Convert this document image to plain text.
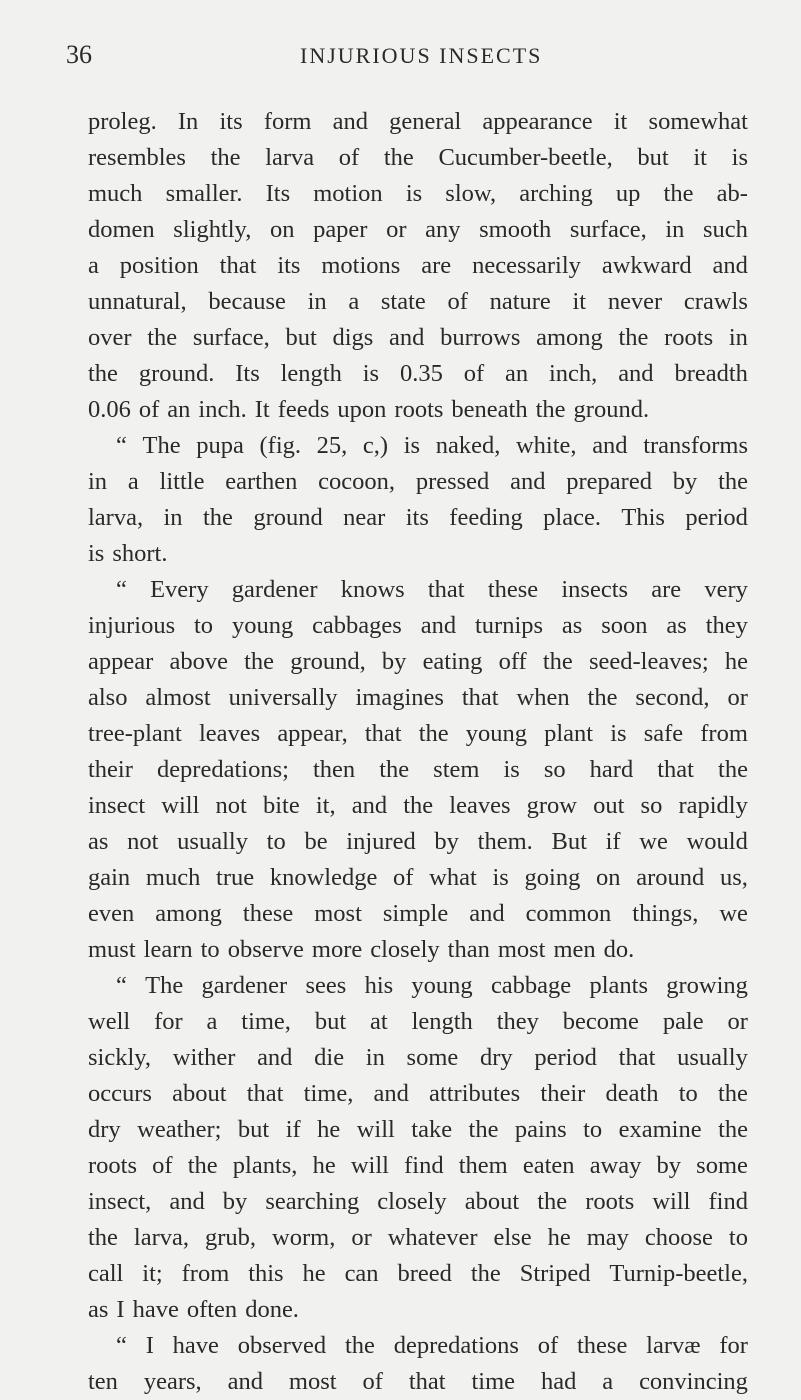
36	INJURIOUS INSECTS
proleg. In its form and general appearance it somewhat
resembles the larva of the Cucumber-beetle, but it is
much smaller. Its motion is slow, arching up the ab-
domen slightly, on paper or any smooth surface, in such
a position that its motions are necessarily awkward and
unnatural, because in a state of nature it never crawls
over the surface, but digs and burrows among the roots in
the ground. Its length is 0.35 of an inch, and breadth
0.06 of an inch. It feeds upon roots beneath the ground.
“ The pupa (fig. 25, c,) is naked, white, and transforms
in a little earthen cocoon, pressed and prepared by the
larva, in the ground near its feeding place. This period
is short.
“ Every gardener knows that these insects are very
injurious to young cabbages and turnips as soon as they
appear above the ground, by eating off the seed-leaves; he
also almost universally imagines that when the second, or
tree-plant leaves appear, that the young plant is safe from
their depredations; then the stem is so hard that the
insect will not bite it, and the leaves grow out so rapidly
as not usually to be injured by them. But if we would
gain much true knowledge of what is going on around us,
even among these most simple and common things, we
must learn to observe more closely than most men do.
“ The gardener sees his young cabbage plants growing
well for a time, but at length they become pale or
sickly, wither and die in some dry period that usually
occurs about that time, and attributes their death to the
dry weather; but if he will take the pains to examine the
roots of the plants, he will find them eaten away by some
insect, and by searching closely about the roots will find
the larva, grub, worm, or whatever else he may choose to
call it; from this he can breed the Striped Turnip-beetle,
as I have often done.
“ I have observed the depredations of these larvæ for
ten years, and most of that time had a convincing
